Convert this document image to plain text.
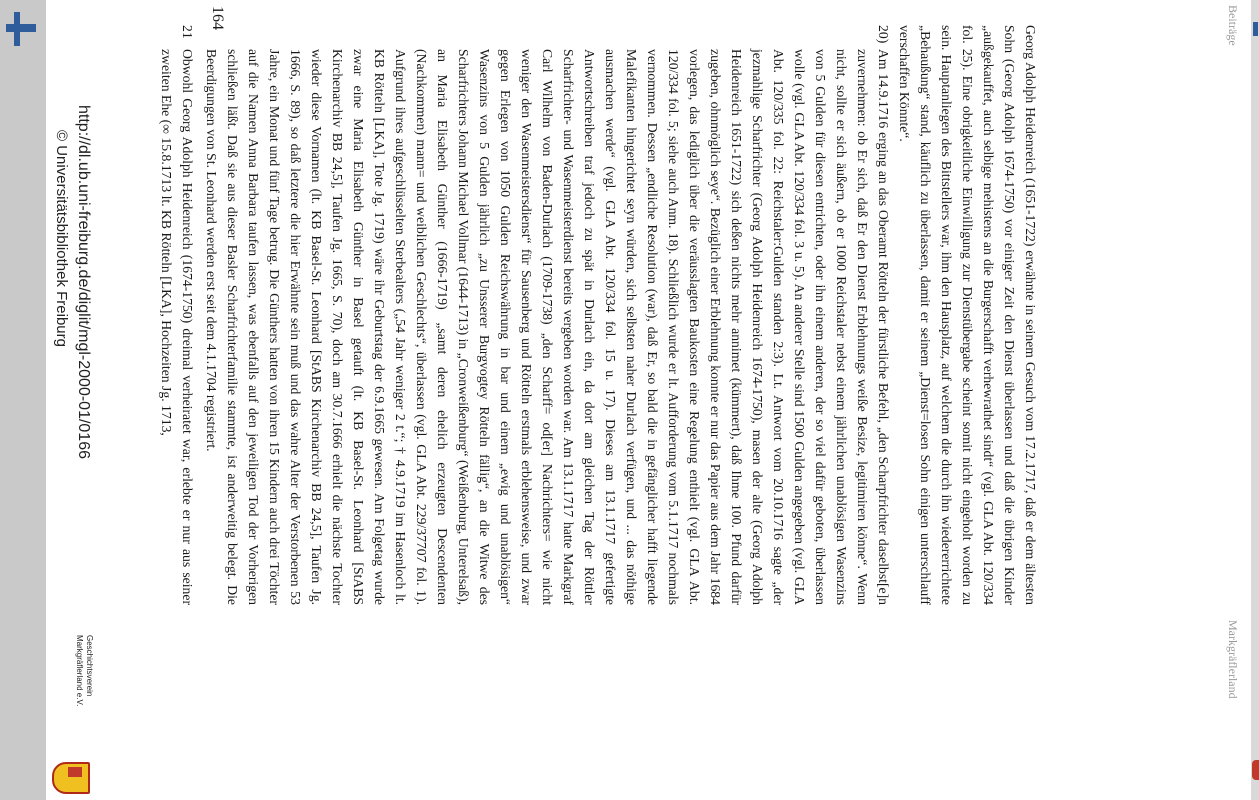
Beiträge
Markgräflerland

Georg Adolph Heidenreich (1651-1722) erwähnte in seinem Gesuch vom 17.2.1717, daß er dem ältesten Sohn (Georg Adolph 1674-1750) vor einiger Zeit den Dienst überlassen und daß die übrigen Kinder „außgekauffet, auch selbige mehistens an die Burgerschafft verhewrathet sindt“ (vgl. GLA Abt. 120/334 fol. 25). Eine obrigkeitliche Einwilligung zur Dienstübergabe scheint somit nicht eingeholt worden zu sein. Hauptanliegen des Bittstellers war, ihm den Hausplatz, auf welchem die durch ihn wiedererrichtete „Behaußung“ stand, käuflich zu überlassen, damit er seinem „Dienst=losen Sohn einigen unterschlauff verschaffen Könnte“.

20)
Am 14.9.1716 erging an das Oberamt Rötteln der fürstliche Befehl, „den Scharpfrichter daselbst[e]n zuvernehmen: ob Er sich, daß Er den Dienst Erblehnungs weiße Besize, legitimiren könne“. Wenn nicht, sollte er sich äußern, ob er 1000 Reichstaler nebst einem jährlichen unablösigen Wasenzins von 5 Gulden für diesen entrichten, oder ihn einem anderen, der so viel dafür geboten, überlassen wolle (vgl. GLA Abt. 120/334 fol. 3 u. 5). An anderer Stelle sind 1500 Gulden angegeben (vgl. GLA Abt. 120/335 fol. 22: Reichstaler:Gulden standen 2:3). Lt. Antwort vom 20.10.1716 sagte „der jezmahlige Scharfrichter (Georg Adolph Heidenreich 1674-1750), masen der alte (Georg Adolph Heidenreich 1651-1722) sich deßen nichts mehr annimet (kümmert), daß Ihme 100. Pfund darfür zugeben, ohnmöglich seye“. Bezüglich einer Erblehnung konnte er nur das Papier aus dem Jahr 1684 vorlegen, das lediglich über die veräusslagten Baukosten eine Regelung enthielt (vgl. GLA Abt. 120/334 fol. 5; siehe auch Anm. 18). Schließlich wurde er lt. Aufforderung vom 5.1.1717 nochmals vernommen. Dessen „endliche Resolution (war), daß Er, so bald die in gefänglicher hafft liegende Malefikanten hingerichtet seyn würden, sich selbsten naher Durlach verfügen, und ... das nöthige ausmachen werde“ (vgl. GLA Abt. 120/334 fol. 15 u. 17). Dieses am 13.1.1717 gefertigte Antwortschreiben traf jedoch zu spät in Durlach ein, da dort am gleichen Tag der Röttler Scharfrichter- und Wasenmeisterdienst bereits vergeben worden war. Am 13.1.1717 hatte Markgraf Carl Wilhelm von Baden-Durlach (1709-1738) „den Scharff= od[er] Nachrichters= wie nicht weniger den Wasenmeistersdienst“ für Sausenberg und Rötteln erstmals erblehensweise, und zwar gegen Erlegen von 1050 Gulden Reichswährung in bar und einem „ewig und unablösigen“ Wasenzins von 5 Gulden jährlich „zu Unsserer Burgvogtey Rötteln fällig“, an die Witwe des Scharfrichters Johann Michael Vollmar (1644-1713) in „Cronweißenburg“ (Weißenburg, Unterelsaß), an Maria Elisabeth Günther (1666-1719) „samt deren ehelich erzeugten Descendenten (Nachkommen) mann= und weiblichen Geschlechts“, überlassen (vgl. GLA Abt. 229/37707 fol. 1). Aufgrund ihres aufgeschlüsselten Sterbealters („54 Jahr weniger 2 t.“; † 4.9.1719 im Hasenloch lt. KB Rötteln [LKA], Tote Jg. 1719) wäre ihr Geburtstag der 6.9.1665 gewesen. Am Folgetag wurde zwar eine Maria Elisabeth Günther in Basel getauft (lt. KB Basel-St. Leonhard [StABS Kirchenarchiv BB 24,5], Taufen Jg. 1665, S. 70), doch am 30.7.1666 erhielt die nächste Tochter wieder diese Vornamen (lt. KB Basel-St. Leonhard [StABS Kirchenarchiv BB 24,5], Taufen Jg. 1666, S. 89), so daß letztere die hier Erwähnte sein muß und das wahre Alter der Verstorbenen 53 Jahre, ein Monat und fünf Tage betrug. Die Günthers hatten von ihren 15 Kindern auch drei Töchter auf die Namen Anna Barbara taufen lassen, was ebenfalls auf den jeweiligen Tod der Vorherigen schließen läßt. Daß sie aus dieser Basler Scharfrichterfamilie stammte, ist anderweitig belegt. Die Beerdigungen von St. Leonhard werden erst seit dem 4.1.1704 registriert.

21
Obwohl Georg Adolph Heidenreich (1674-1750) dreimal verheiratet war, erlebte er nur aus seiner zweiten Ehe (∞ 15.8.1713 lt. KB Rötteln [LKA], Hochzeiten Jg. 1713,

164
http://dl.ub.uni-freiburg.de/diglit/mgl-2000-01/0166
© Universitätsbibliothek Freiburg
Geschichtsverein
Markgräflerland e.V.
